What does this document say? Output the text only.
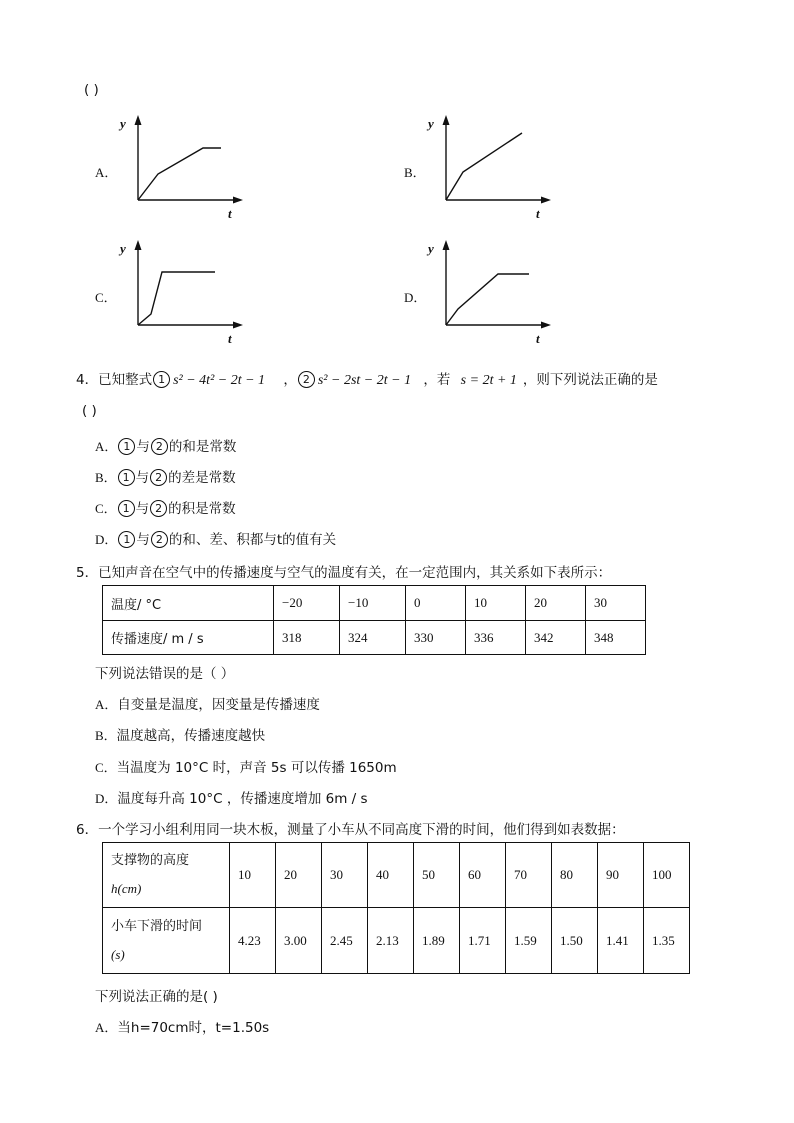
( )
A．
y
t
B．
y
t
C．
y
t
D．
y
t
4．已知整式 1 s² − 4t² − 2t − 1 ， 2 s² − 2st − 2t − 1 ，若 s = 2t + 1 ，则下列说法正确的是
( )
A． 1 与 2 的和是常数
B． 1 与 2 的差是常数
C． 1 与 2 的积是常数
D． 1 与 2 的和、差、积都与t的值有关
5．已知声音在空气中的传播速度与空气的温度有关，在一定范围内，其关系如下表所示：
温度/ °C	−20	−10	0	10	20	30
传播速度/ m / s	318	324	330	336	342	348
下列说法错误的是（ ）
A．自变量是温度，因变量是传播速度
B．温度越高，传播速度越快
C．当温度为 10°C 时，声音 5s 可以传播 1650m
D．温度每升高 10°C ，传播速度增加 6m / s
6．一个学习小组利用同一块木板，测量了小车从不同高度下滑的时间，他们得到如表数据：
支撑物的高度
h(cm)	10	20	30	40	50	60	70	80	90	100

小车下滑的时间
(s)	4.23	3.00	2.45	2.13	1.89	1.71	1.59	1.50	1.41	1.35
下列说法正确的是( )
A．当h=70cm时，t=1.50s
